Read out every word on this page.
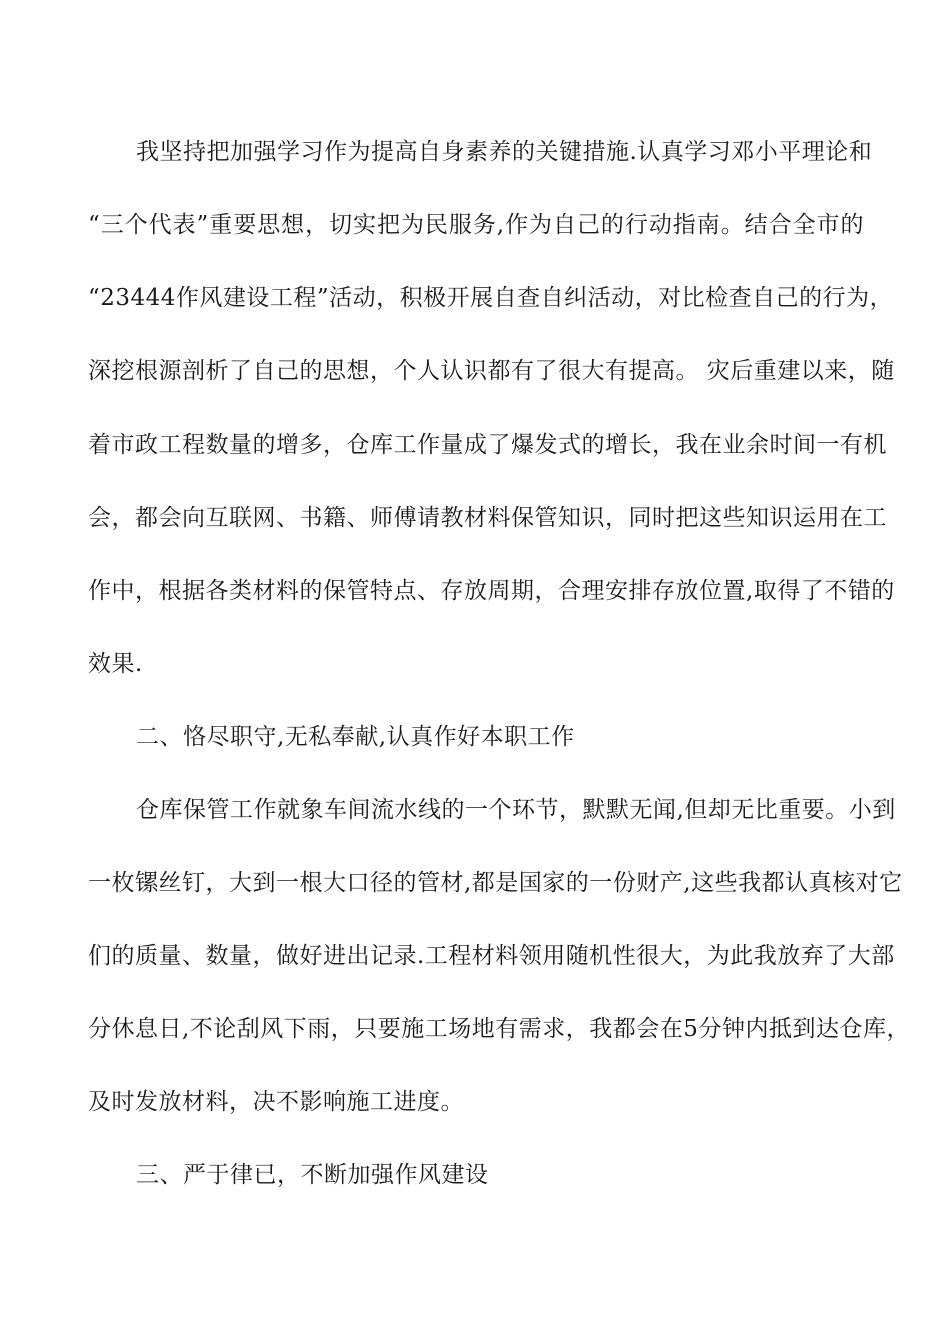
我坚持把加强学习作为提高自身素养的关键措施.认真学习邓小平理论和
“三个代表”重要思想，切实把为民服务,作为自己的行动指南。结合全市的
“23444作风建设工程”活动，积极开展自查自纠活动，对比检查自己的行为，
深挖根源剖析了自己的思想，个人认识都有了很大有提高。 灾后重建以来，随
着市政工程数量的增多，仓库工作量成了爆发式的增长，我在业余时间一有机
会，都会向互联网、书籍、师傅请教材料保管知识，同时把这些知识运用在工
作中，根据各类材料的保管特点、存放周期，合理安排存放位置,取得了不错的
效果.
二、恪尽职守,无私奉献,认真作好本职工作
仓库保管工作就象车间流水线的一个环节，默默无闻,但却无比重要。小到
一枚镙丝钉，大到一根大口径的管材,都是国家的一份财产,这些我都认真核对它
们的质量、数量，做好进出记录.工程材料领用随机性很大，为此我放弃了大部
分休息日,不论刮风下雨，只要施工场地有需求，我都会在5分钟内抵到达仓库，
及时发放材料，决不影响施工进度。
三、严于律已，不断加强作风建设
